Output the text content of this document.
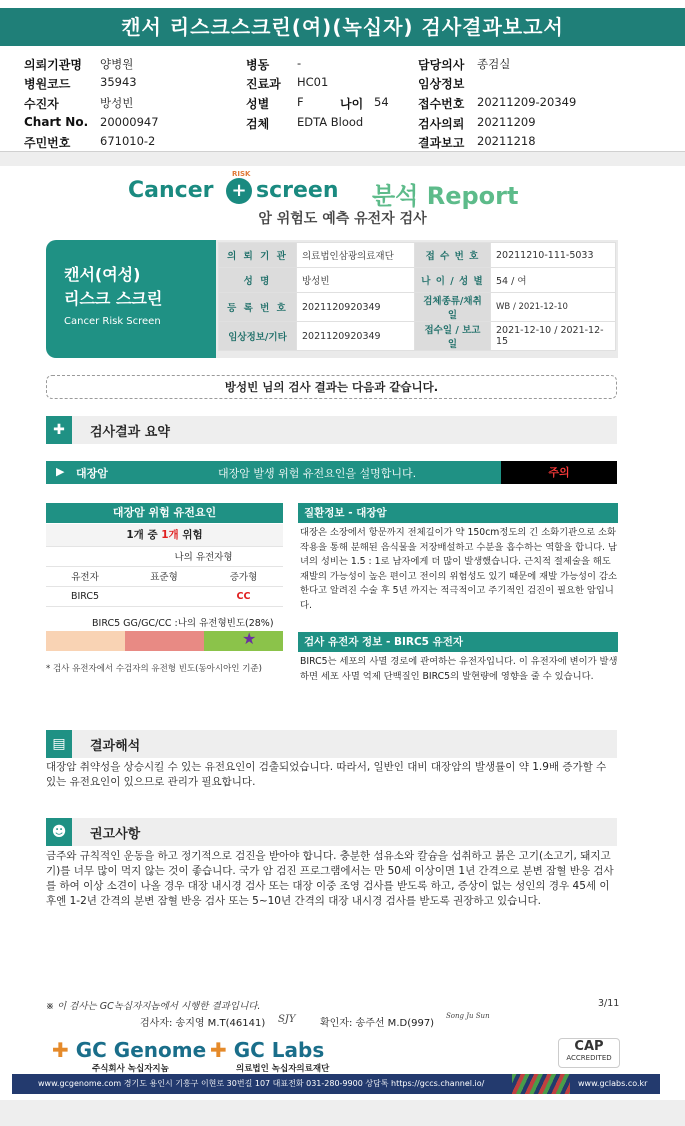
캔서 리스크스크린(여)(녹십자) 검사결과보고서
의뢰기관명 양병원	병동 -	담당의사 종검실
병원코드	35943	진료과 HC01	임상정보
수진자	방성빈	성별 F	나이 54 접수번호 20211209-20349
Chart No. 20000947	검체 EDTA Blood	검사의뢰 20211209
주민번호	671010-2	결과보고 20211218
Cancer +
RISK
screen 분석 Report
암 위험도 예측 유전자 검사
캔서(여성)
리스크 스크린
Cancer Risk Screen
의 뢰 기 관	의료법인삼광의료재단	접 수 번 호	20211210-111-5033
성 명	방성빈	나 이 / 성 별	54 / 여
등 록 번 호	2021120920349	검체종류/채취일	WB / 2021-12-10
임상정보/기타	2021120920349	접수일 / 보고일	2021-12-10 / 2021-12-15
방성빈 님의 검사 결과는 다음과 같습니다.
✚	검사결과 요약
▶ 대장암	대장암 발생 위험 유전요인을 설명합니다.	주의
대장암 위험 유전요인
1개 중 1개 위험		
	나의 유전자형	
유전자	표준형	증가형
BIRC5		CC
BIRC5 GG/GC/CC :나의 유전형빈도(28%)
★
* 검사 유전자에서 수검자의 유전형 빈도(동아시아인 기준)
질환정보 - 대장암
대장은 소장에서 항문까지 전체길이가 약 150cm정도의 긴 소화기관으로 소화작용을 통해 분해된 음식물을 저장배설하고 수분을 흡수하는 역할을 합니다. 남녀의 성비는 1.5 : 1로 남자에게 더 많이 발생했습니다. 근치적 절제술을 해도 재발의 가능성이 높은 편이고 전이의 위험성도 있기 때문에 재발 가능성이 감소한다고 알려진 수술 후 5년 까지는 적극적이고 주기적인 검진이 필요한 암입니다.
검사 유전자 정보 - BIRC5 유전자
BIRC5는 세포의 사멸 경로에 관여하는 유전자입니다. 이 유전자에 변이가 발생하면 세포 사멸 억제 단백질인 BIRC5의 발현량에 영향을 줄 수 있습니다.
▤	결과해석
대장암 취약성을 상승시킬 수 있는 유전요인이 검출되었습니다. 따라서, 일반인 대비 대장암의 발생률이 약 1.9배 증가할 수 있는 유전요인이 있으므로 관리가 필요합니다.
☻	권고사항
금주와 규칙적인 운동을 하고 정기적으로 검진을 받아야 합니다. 충분한 섬유소와 칼슘을 섭취하고 붉은 고기(소고기, 돼지고기)를 너무 많이 먹지 않는 것이 좋습니다. 국가 암 검진 프로그램에서는 만 50세 이상이면 1년 간격으로 분변 잠혈 반응 검사를 하여 이상 소견이 나올 경우 대장 내시경 검사 또는 대장 이중 조영 검사를 받도록 하고, 증상이 없는 성인의 경우 45세 이후엔 1-2년 간격의 분변 잠혈 반응 검사 또는 5~10년 간격의 대장 내시경 검사를 받도록 권장하고 있습니다.
※ 이 검사는 GC녹십자지놈에서 시행한 결과입니다.	3/11
검사자: 송지영 M.T(46141) SJY 확인자: 송주선 M.D(997)
Song Ju Sun
✚ GC Genome
주식회사 녹십자지놈
✚ GC Labs
의료법인 녹십자의료재단
CAP
ACCREDITED
www.gcgenome.com 경기도 용인시 기흥구 이현로 30번길 107 대표전화 031-280-9900 상담톡 https://gccs.channel.io/	www.gclabs.co.kr
